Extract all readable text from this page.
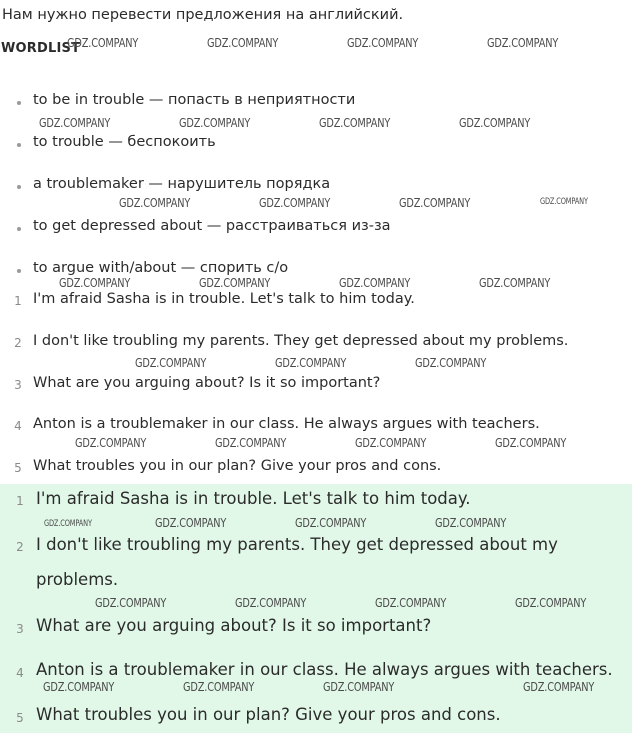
Нам нужно перевести предложения на английский.
WORDLIST
to be in trouble — попасть в неприятности
to trouble — беспокоить
a troublemaker — нарушитель порядка
to get depressed about — расстраиваться из-за
to argue with/about — спорить с/о
1 I'm afraid Sasha is in trouble. Let's talk to him today.
2 I don't like troubling my parents. They get depressed about my problems.
3 What are you arguing about? Is it so important?
4 Anton is a troublemaker in our class. He always argues with teachers.
5 What troubles you in our plan? Give your pros and cons.
1 I'm afraid Sasha is in trouble. Let's talk to him today.
2 I don't like troubling my parents. They get depressed about my
problems.
3 What are you arguing about? Is it so important?
4 Anton is a troublemaker in our class. He always argues with teachers.
5 What troubles you in our plan? Give your pros and cons.
GDZ.COMPANY	GDZ.COMPANY	GDZ.COMPANY	GDZ.COMPANY
GDZ.COMPANY	GDZ.COMPANY	GDZ.COMPANY	GDZ.COMPANY
GDZ.COMPANY	GDZ.COMPANY	GDZ.COMPANY	GDZ.COMPANY
GDZ.COMPANY	GDZ.COMPANY	GDZ.COMPANY	GDZ.COMPANY
GDZ.COMPANY	GDZ.COMPANY	GDZ.COMPANY
GDZ.COMPANY	GDZ.COMPANY	GDZ.COMPANY	GDZ.COMPANY
GDZ.COMPANY	GDZ.COMPANY	GDZ.COMPANY	GDZ.COMPANY
GDZ.COMPANY	GDZ.COMPANY	GDZ.COMPANY	GDZ.COMPANY
GDZ.COMPANY	GDZ.COMPANY	GDZ.COMPANY	GDZ.COMPANY
